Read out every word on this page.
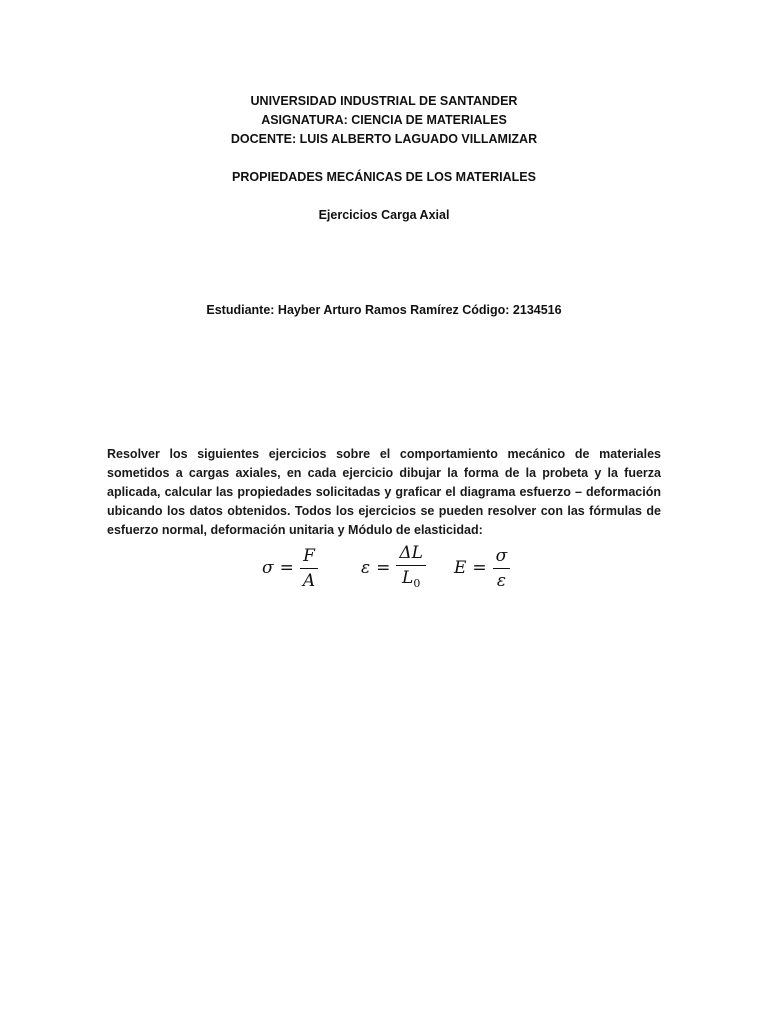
UNIVERSIDAD INDUSTRIAL DE SANTANDER
ASIGNATURA: CIENCIA DE MATERIALES
DOCENTE: LUIS ALBERTO LAGUADO VILLAMIZAR
PROPIEDADES MECÁNICAS DE LOS MATERIALES
Ejercicios Carga Axial
Estudiante: Hayber Arturo Ramos Ramírez Código: 2134516

Resolver los siguientes ejercicios sobre el comportamiento mecánico de materiales sometidos a cargas axiales, en cada ejercicio dibujar la forma de la probeta y la fuerza aplicada, calcular las propiedades solicitadas y graficar el diagrama esfuerzo – deformación ubicando los datos obtenidos. Todos los ejercicios se pueden resolver con las fórmulas de esfuerzo normal, deformación unitaria y Módulo de elasticidad:

$\sigma = \frac{F}{A}$	$\varepsilon = \frac{\Delta L}{L_0}$ $E = \frac{\sigma}{\varepsilon}$
